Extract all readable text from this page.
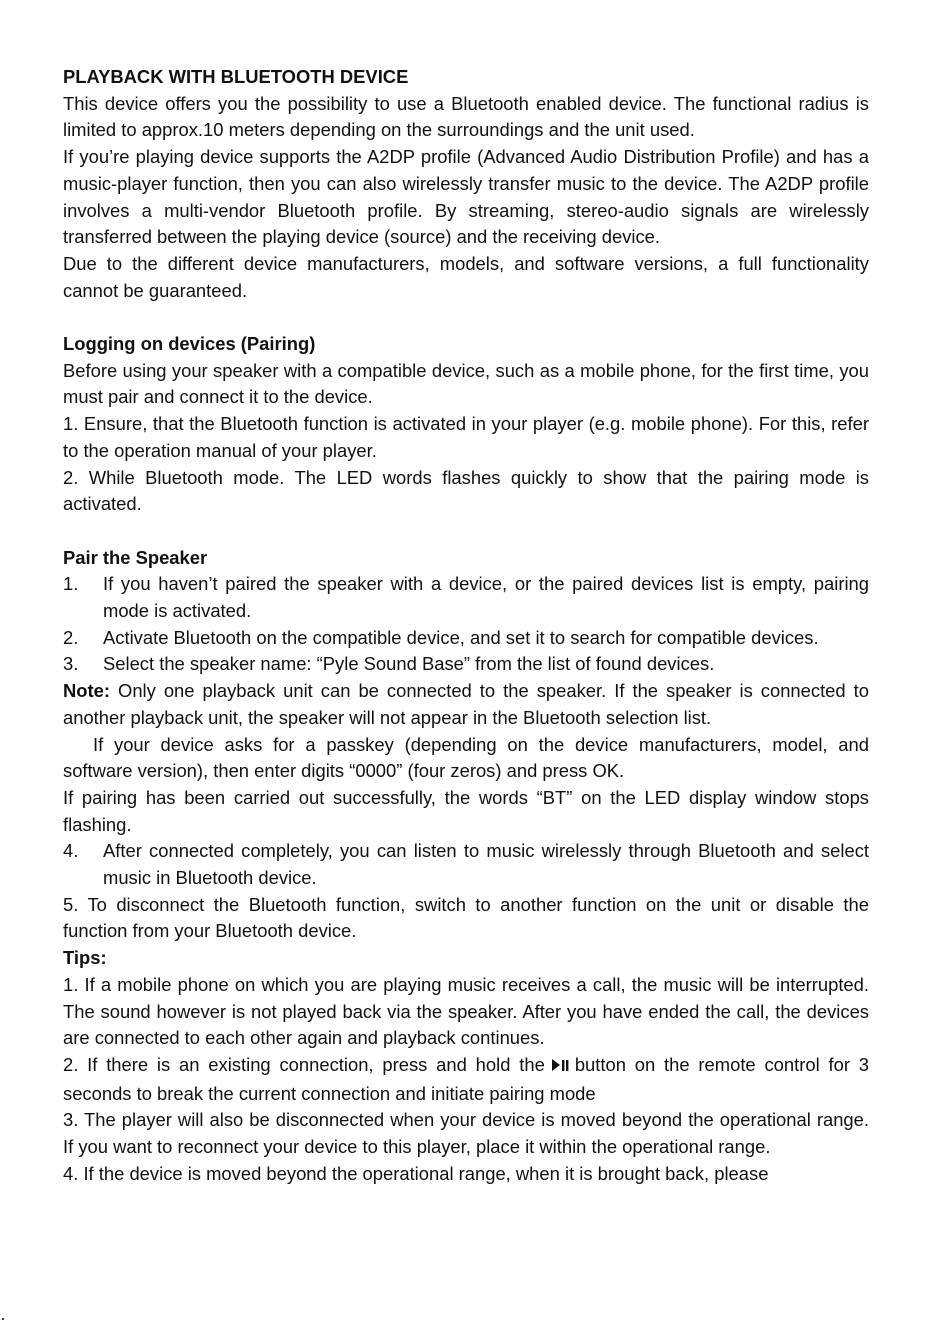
PLAYBACK WITH BLUETOOTH DEVICE

This device offers you the possibility to use a Bluetooth enabled device. The functional radius is limited to approx.10 meters depending on the surroundings and the unit used.

If you’re playing device supports the A2DP profile (Advanced Audio Distribution Profile) and has a music-player function, then you can also wirelessly transfer music to the device. The A2DP profile involves a multi-vendor Bluetooth profile. By streaming, stereo-audio signals are wirelessly transferred between the playing device (source) and the receiving device.

Due to the different device manufacturers, models, and software versions, a full functionality cannot be guaranteed.

Logging on devices (Pairing)

Before using your speaker with a compatible device, such as a mobile phone, for the first time, you must pair and connect it to the device.

1. Ensure, that the Bluetooth function is activated in your player (e.g. mobile phone). For this, refer to the operation manual of your player.

2. While Bluetooth mode. The LED words flashes quickly to show that the pairing mode is activated.

Pair the Speaker

1.	If you haven’t paired the speaker with a device, or the paired devices list is empty, pairing mode is activated.
2.	Activate Bluetooth on the compatible device, and set it to search for compatible devices.
3.	Select the speaker name: “Pyle Sound Base” from the list of found devices.

Note: Only one playback unit can be connected to the speaker. If the speaker is connected to another playback unit, the speaker will not appear in the Bluetooth selection list.

If your device asks for a passkey (depending on the device manufacturers, model, and software version), then enter digits “0000” (four zeros) and press OK.

If pairing has been carried out successfully, the words “BT” on the LED display window stops flashing.

4.	After connected completely, you can listen to music wirelessly through Bluetooth and select music in Bluetooth device.

5. To disconnect the Bluetooth function, switch to another function on the unit or disable the function from your Bluetooth device.

Tips:

1. If a mobile phone on which you are playing music receives a call, the music will be interrupted. The sound however is not played back via the speaker. After you have ended the call, the devices are connected to each other again and playback continues.

2. If there is an existing connection, press and hold the button on the remote control for 3 seconds to break the current connection and initiate pairing mode

3. The player will also be disconnected when your device is moved beyond the operational range. If you want to reconnect your device to this player, place it within the operational range.

4. If the device is moved beyond the operational range, when it is brought back, please
